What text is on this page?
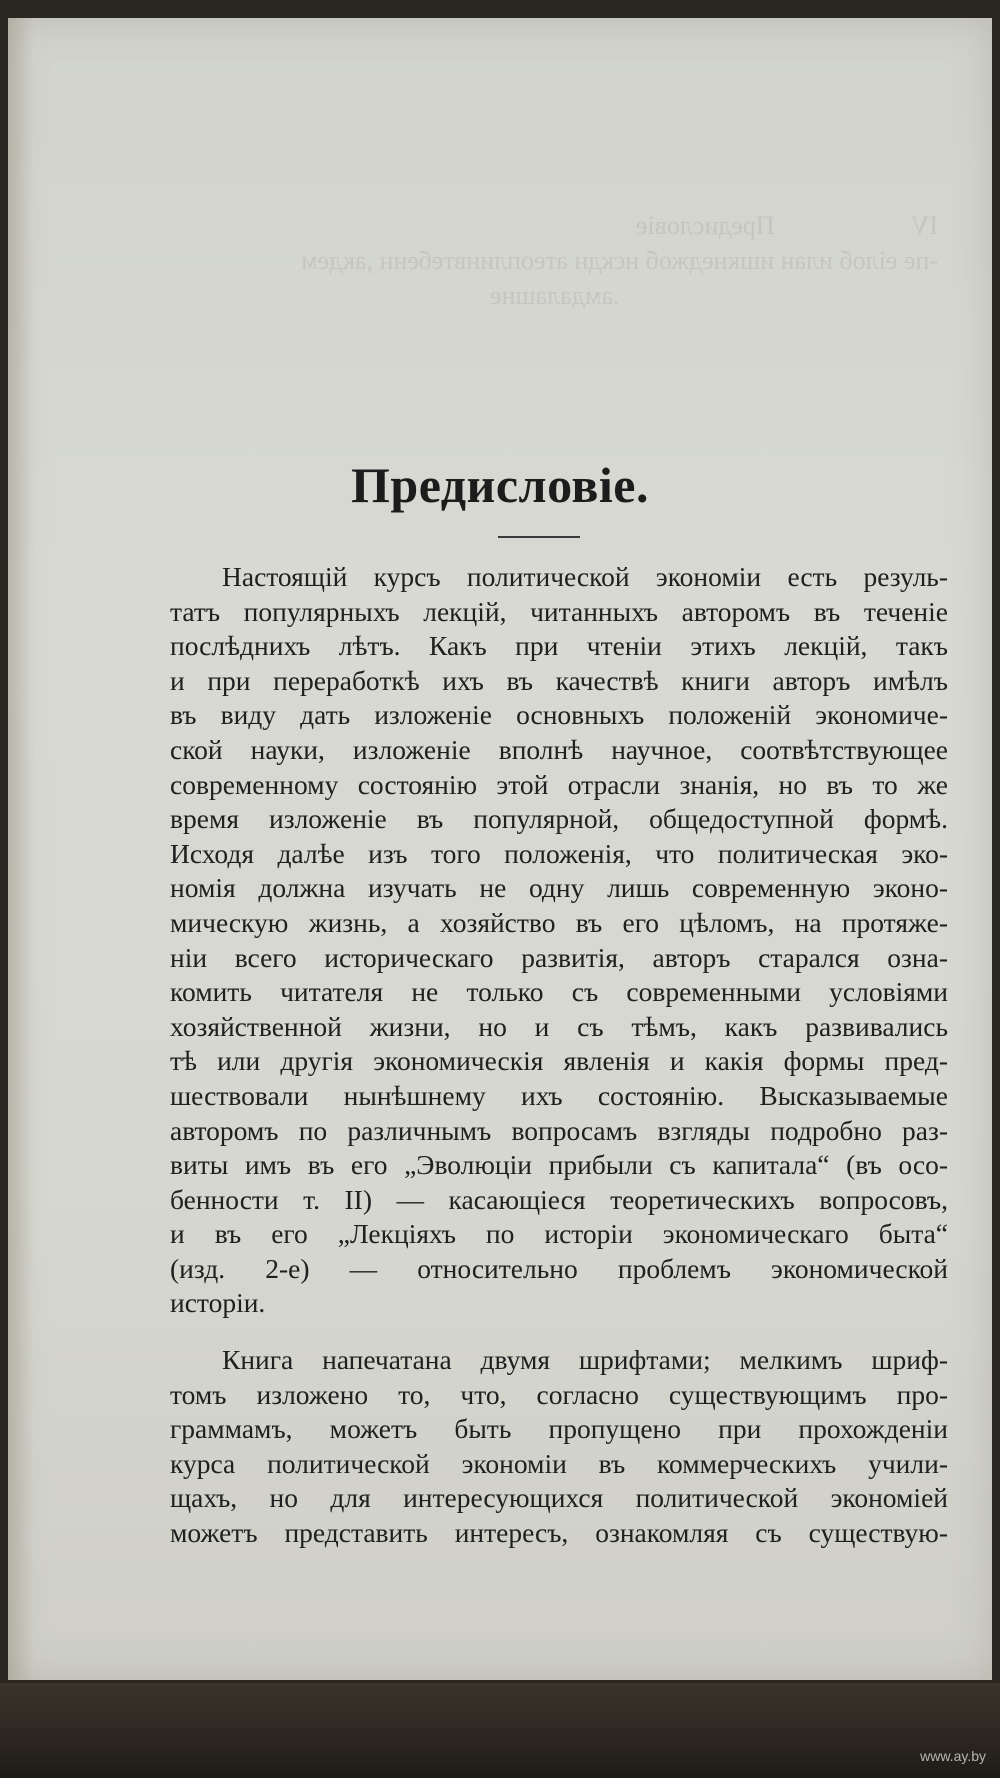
IV                     Предисловіе
-пе еілоб илан ишкнеджоб нєкдн атеоплинвтебенн ,акдем
.амдалашне

Предисловіе.

Настоящій курсъ политической экономіи есть резуль-
татъ популярныхъ лекцій, читанныхъ авторомъ въ теченіе
послѣднихъ лѣтъ. Какъ при чтеніи этихъ лекцій, такъ
и при переработкѣ ихъ въ качествѣ книги авторъ имѣлъ
въ виду дать изложеніе основныхъ положеній экономиче-
ской науки, изложеніе вполнѣ научное, соотвѣтствующее
современному состоянію этой отрасли знанія, но въ то же
время изложеніе въ популярной, общедоступной формѣ.
Исходя далѣе изъ того положенія, что политическая эко-
номія должна изучать не одну лишь современную эконо-
мическую жизнь, а хозяйство въ его цѣломъ, на протяже-
ніи всего историческаго развитія, авторъ старался озна-
комить читателя не только съ современными условіями
хозяйственной жизни, но и съ тѣмъ, какъ развивались
тѣ или другія экономическія явленія и какія формы пред-
шествовали нынѣшнему ихъ состоянію. Высказываемые
авторомъ по различнымъ вопросамъ взгляды подробно раз-
виты имъ въ его „Эволюціи прибыли съ капитала“ (въ осо-
бенности т. II) — касающіеся теоретическихъ вопросовъ,
и въ его „Лекціяхъ по исторіи экономическаго быта“
(изд. 2-е) — относительно проблемъ экономической
исторіи.

Книга напечатана двумя шрифтами; мелкимъ шриф-
томъ изложено то, что, согласно существующимъ про-
граммамъ, можетъ быть пропущено при прохожденіи
курса политической экономіи въ коммерческихъ учили-
щахъ, но для интересующихся политической экономіей
можетъ представить интересъ, ознакомляя съ существую-

www.ay.by
